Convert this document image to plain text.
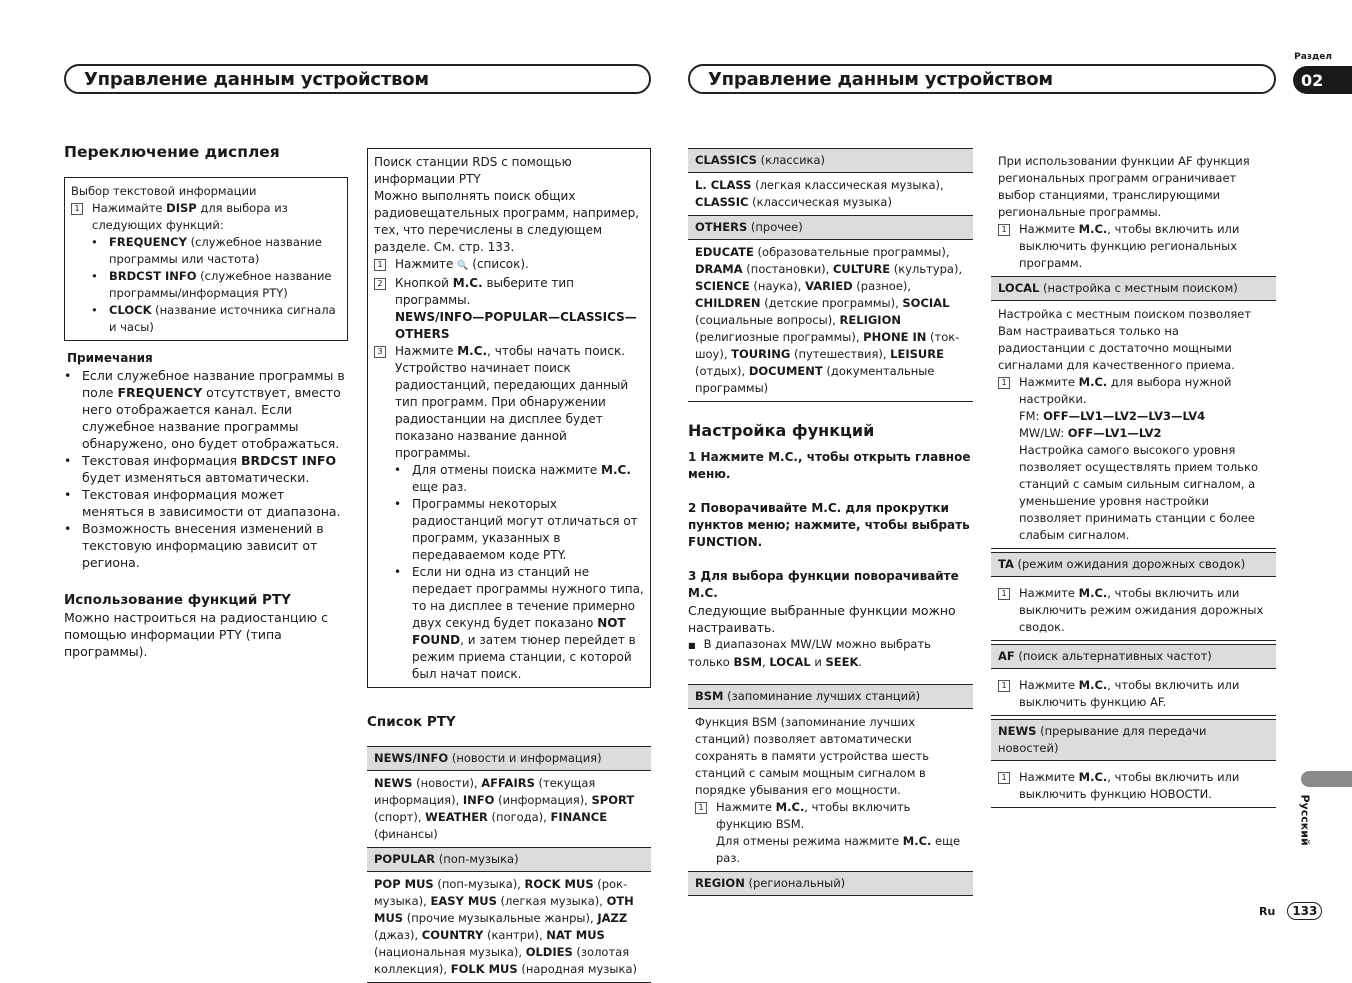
Управление данным устройством	Управление данным устройством
Раздел
02
Русский
Ru	133
Переключение дисплея
Выбор текстовой информации
1	Нажимайте DISP для выбора из следующих функций:
• FREQUENCY (служебное название программы или частота)
• BRDCST INFO (служебное название программы/информация PTY)
• CLOCK (название источника сигнала и часы)
Примечания
• Если служебное название программы в поле FREQUENCY отсутствует, вместо него отображается канал. Если служебное название программы обнаружено, оно будет отображаться.
• Текстовая информация BRDCST INFO будет изменяться автоматически.
• Текстовая информация может меняться в зависимости от диапазона.
• Возможность внесения изменений в текстовую информацию зависит от региона.
Использование функций PTY

Можно настроиться на радиостанцию с помощью информации PTY (типа программы).

Поиск станции RDS с помощью информации PTY
Можно выполнять поиск общих радиовещательных программ, например, тех, что перечислены в следующем разделе. См. стр. 133.
1 Нажмите 🔍 (список).
2 Кнопкой M.C. выберите тип программы.
NEWS/INFO—POPULAR—CLASSICS—OTHERS
3 Нажмите M.C., чтобы начать поиск.
Устройство начинает поиск радиостанций, передающих данный тип программ. При обнаружении радиостанции на дисплее будет показано название данной программы.
• Для отмены поиска нажмите M.C. еще раз.
• Программы некоторых радиостанций могут отличаться от программ, указанных в передаваемом коде PTY.
• Если ни одна из станций не передает программы нужного типа, то на дисплее в течение примерно двух секунд будет показано NOT FOUND, и затем тюнер перейдет в режим приема станции, с которой был начат поиск.
Список PTY
NEWS/INFO (новости и информация)
NEWS (новости), AFFAIRS (текущая информация), INFO (информация), SPORT (спорт), WEATHER (погода), FINANCE (финансы)
POPULAR (поп-музыка)
POP MUS (поп-музыка), ROCK MUS (рок-музыка), EASY MUS (легкая музыка), OTH MUS (прочие музыкальные жанры), JAZZ (джаз), COUNTRY (кантри), NAT MUS (национальная музыка), OLDIES (золотая коллекция), FOLK MUS (народная музыка)
CLASSICS (классика)
L. CLASS (легкая классическая музыка), CLASSIC (классическая музыка)
OTHERS (прочее)
EDUCATE (образовательные программы), DRAMA (постановки), CULTURE (культура), SCIENCE (наука), VARIED (разное), CHILDREN (детские программы), SOCIAL (социальные вопросы), RELIGION (религиозные программы), PHONE IN (ток-шоу), TOURING (путешествия), LEISURE (отдых), DOCUMENT (документальные программы)
Настройка функций
1 Нажмите M.C., чтобы открыть главное меню.
2 Поворачивайте M.C. для прокрутки пунктов меню; нажмите, чтобы выбрать FUNCTION.
3 Для выбора функции поворачивайте M.C.
Следующие выбранные функции можно настраивать.
■ В диапазонах MW/LW можно выбрать только BSM, LOCAL и SEEK.
BSM (запоминание лучших станций)
Функция BSM (запоминание лучших станций) позволяет автоматически сохранять в памяти устройства шесть станций с самым мощным сигналом в порядке убывания его мощности.
1	Нажмите M.C., чтобы включить функцию BSM.
Для отмены режима нажмите M.C. еще раз.
REGION (региональный)
При использовании функции AF функция региональных программ ограничивает выбор станциями, транслирующими региональные программы.
1	Нажмите M.C., чтобы включить или выключить функцию региональных программ.
LOCAL (настройка с местным поиском)
Настройка с местным поиском позволяет Вам настраиваться только на радиостанции с достаточно мощными сигналами для качественного приема.
1	Нажмите M.C. для выбора нужной настройки.
FM: OFF—LV1—LV2—LV3—LV4
MW/LW: OFF—LV1—LV2
Настройка самого высокого уровня позволяет осуществлять прием только станций с самым сильным сигналом, а уменьшение уровня настройки позволяет принимать станции с более слабым сигналом.
TA (режим ожидания дорожных сводок)
1	Нажмите M.C., чтобы включить или выключить режим ожидания дорожных сводок.
AF (поиск альтернативных частот)
1	Нажмите M.C., чтобы включить или выключить функцию AF.
NEWS (прерывание для передачи новостей)
1	Нажмите M.C., чтобы включить или выключить функцию НОВОСТИ.
